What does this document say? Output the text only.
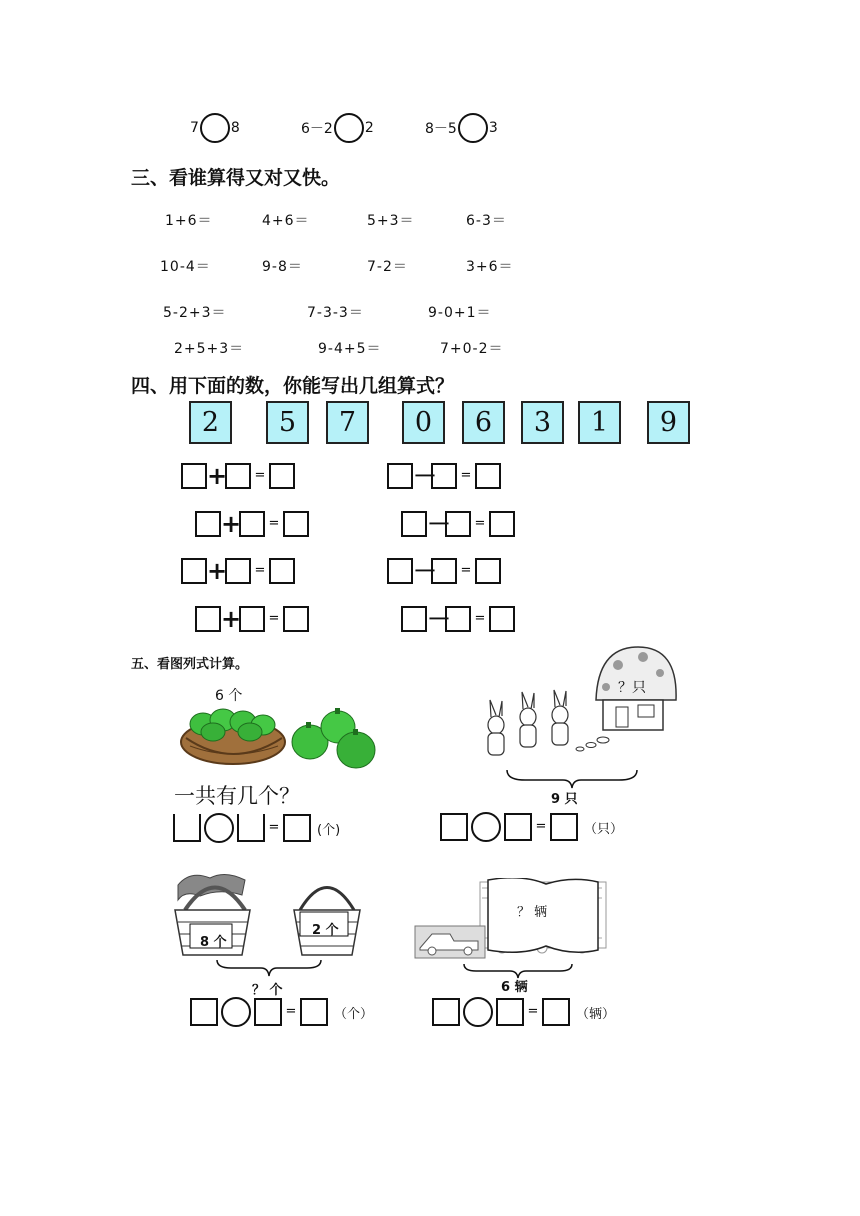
7 8	6－2 2	8－5 3
三、看谁算得又对又快。
1+6＝	4+6＝	5+3＝	6-3＝
10-4＝	9-8＝	7-2＝	3+6＝
5-2+3＝	7-3-3＝	9-0+1＝
2+5+3＝	9-4+5＝	7+0-2＝
四、用下面的数，你能写出几组算式？
2	5	7	0	6	3	1	9
+ =	－ =
+ =	－ =
+ =	－ =
+ =	－ =
五、看图列式计算。
6 个
一共有几个？
=	(个)
？只
9 只
=	（只）
8 个
2 个
？ 个
=	（个）
？ 辆
6 辆
=	（辆）
